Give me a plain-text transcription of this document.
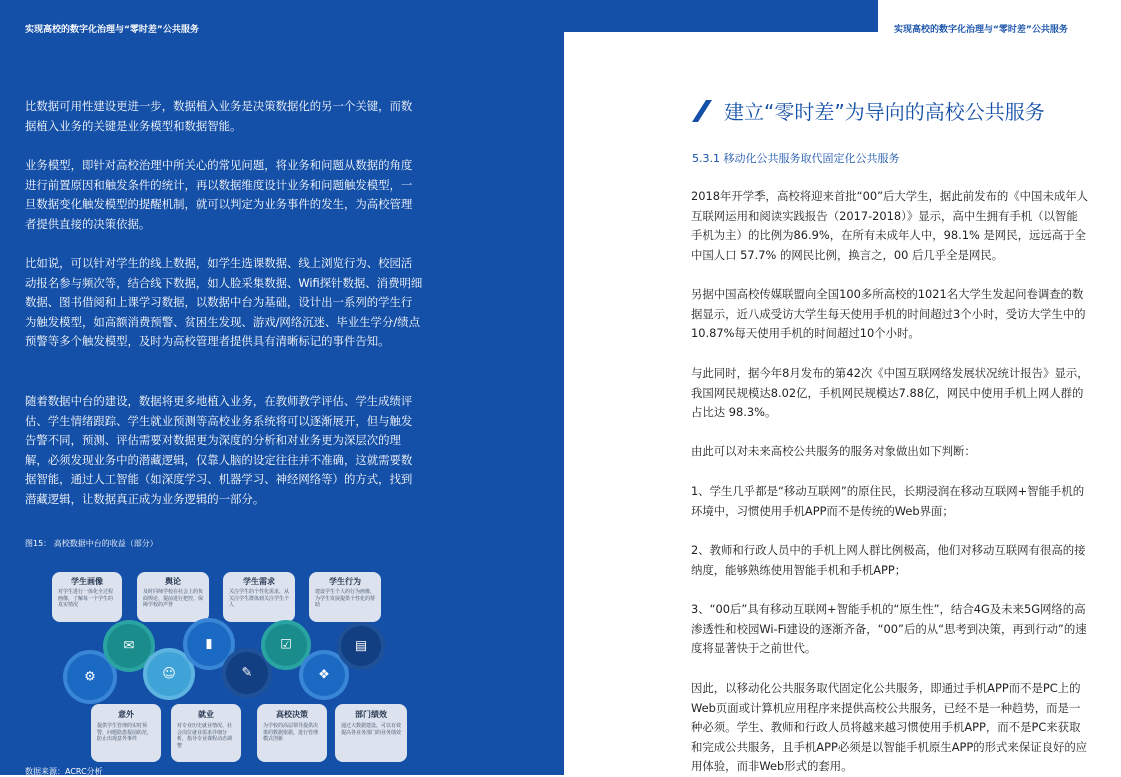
实现高校的数字化治理与“零时差”公共服务

比数据可用性建设更进一步，数据植入业务是决策数据化的另一个关键，而数据植入业务的关键是业务模型和数据智能。

业务模型，即针对高校治理中所关心的常见问题，将业务和问题从数据的角度进行前置原因和触发条件的统计，再以数据维度设计业务和问题触发模型，一旦数据变化触发模型的提醒机制，就可以判定为业务事件的发生，为高校管理者提供直接的决策依据。

比如说，可以针对学生的线上数据，如学生选课数据、线上浏览行为、校园活动报名参与频次等，结合线下数据，如人脸采集数据、Wifi探针数据、消费明细数据、图书借阅和上课学习数据，以数据中台为基础，设计出一系列的学生行为触发模型，如高额消费预警、贫困生发现、游戏/网络沉迷、毕业生学分/绩点预警等多个触发模型，及时为高校管理者提供具有清晰标记的事件告知。

随着数据中台的建设，数据将更多地植入业务，在教师教学评估、学生成绩评估、学生情绪跟踪、学生就业预测等高校业务系统将可以逐渐展开，但与触发告警不同，预测、评估需要对数据更为深度的分析和对业务更为深层次的理解，必须发现业务中的潜藏逻辑，仅靠人脑的设定往往并不准确，这就需要数据智能，通过人工智能（如深度学习、机器学习、神经网络等）的方式，找到潜藏逻辑，让数据真正成为业务逻辑的一部分。

图15： 高校数据中台的收益（部分）
学生画像
对学生进行一体化全过程画像，了解每一个学生的真实情况
舆论
及时同师学校在社会上的负面舆论，提前进行把控，保障学校的声誉
学生需求
关注学生的个性化需求，从关注学生群体到关注学生个人
学生行为
建设学生个人的行为画像，为学生发展提供个性化的帮助
⚙
✉
☺
▮
✎
☑
❖
▤
意外
提供学生管理的实时预警，问题隐患提前防范，防止出现意外事件
就业
对专业历史就业情况、社会岗位就业需求详细分析，指导专业课程动态调整
高校决策
为学校的高层领导提供决策的数据依据，进行管理模式创新
部门绩效
通过大数据建设，可以有效提高各业务部门的业务绩效
数据来源：ACRC分析
实现高校的数字化治理与“零时差”公共服务
建立“零时差”为导向的高校公共服务
5.3.1 移动化公共服务取代固定化公共服务

2018年开学季，高校将迎来首批“00”后大学生，据此前发布的《中国未成年人互联网运用和阅读实践报告（2017-2018）》显示，高中生拥有手机（以智能手机为主）的比例为86.9%，在所有未成年人中，98.1% 是网民，远远高于全中国人口 57.7% 的网民比例，换言之，00 后几乎全是网民。

另据中国高校传媒联盟向全国100多所高校的1021名大学生发起问卷调查的数据显示，近八成受访大学生每天使用手机的时间超过3个小时，受访大学生中的10.87%每天使用手机的时间超过10个小时。

与此同时，据今年8月发布的第42次《中国互联网络发展状况统计报告》显示，我国网民规模达8.02亿，手机网民规模达7.88亿，网民中使用手机上网人群的占比达 98.3%。

由此可以对未来高校公共服务的服务对象做出如下判断：

1、学生几乎都是“移动互联网”的原住民，长期浸润在移动互联网+智能手机的环境中，习惯使用手机APP而不是传统的Web界面；

2、教师和行政人员中的手机上网人群比例极高，他们对移动互联网有很高的接纳度，能够熟练使用智能手机和手机APP；

3、“00后”具有移动互联网+智能手机的“原生性”，结合4G及未来5G网络的高渗透性和校园Wi-Fi建设的逐渐齐备，“00”后的从“思考到决策，再到行动”的速度将显著快于之前世代。

因此，以移动化公共服务取代固定化公共服务，即通过手机APP而不是PC上的Web页面或计算机应用程序来提供高校公共服务，已经不是一种趋势，而是一种必须。学生、教师和行政人员将越来越习惯使用手机APP，而不是PC来获取和完成公共服务，且手机APP必须是以智能手机原生APP的形式来保证良好的应用体验，而非Web形式的套用。
